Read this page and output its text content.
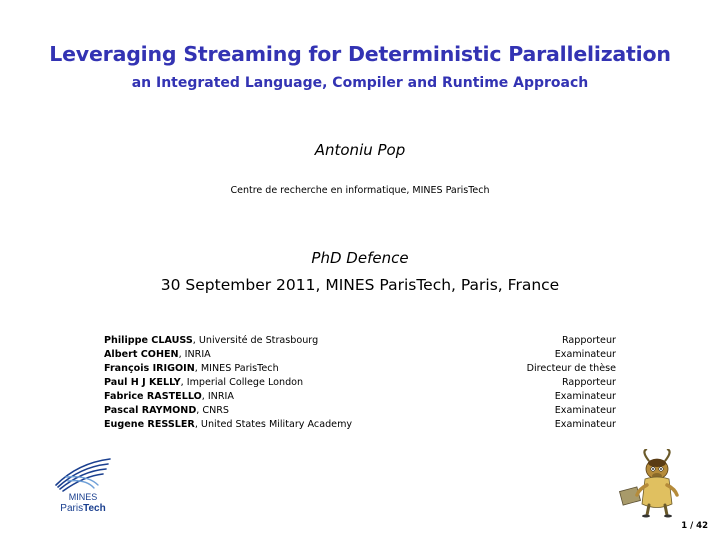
Leveraging Streaming for Deterministic Parallelization
an Integrated Language, Compiler and Runtime Approach
Antoniu Pop
Centre de recherche en informatique, MINES ParisTech
PhD Defence
30 September 2011, MINES ParisTech, Paris, France
Philippe CLAUSS, Université de Strasbourg	Rapporteur
Albert COHEN, INRIA	Examinateur
François IRIGOIN, MINES ParisTech	Directeur de thèse
Paul H J KELLY, Imperial College London	Rapporteur
Fabrice RASTELLO, INRIA	Examinateur
Pascal RAYMOND, CNRS	Examinateur
Eugene RESSLER, United States Military Academy	Examinateur
MINES
ParisTech
1 / 42
